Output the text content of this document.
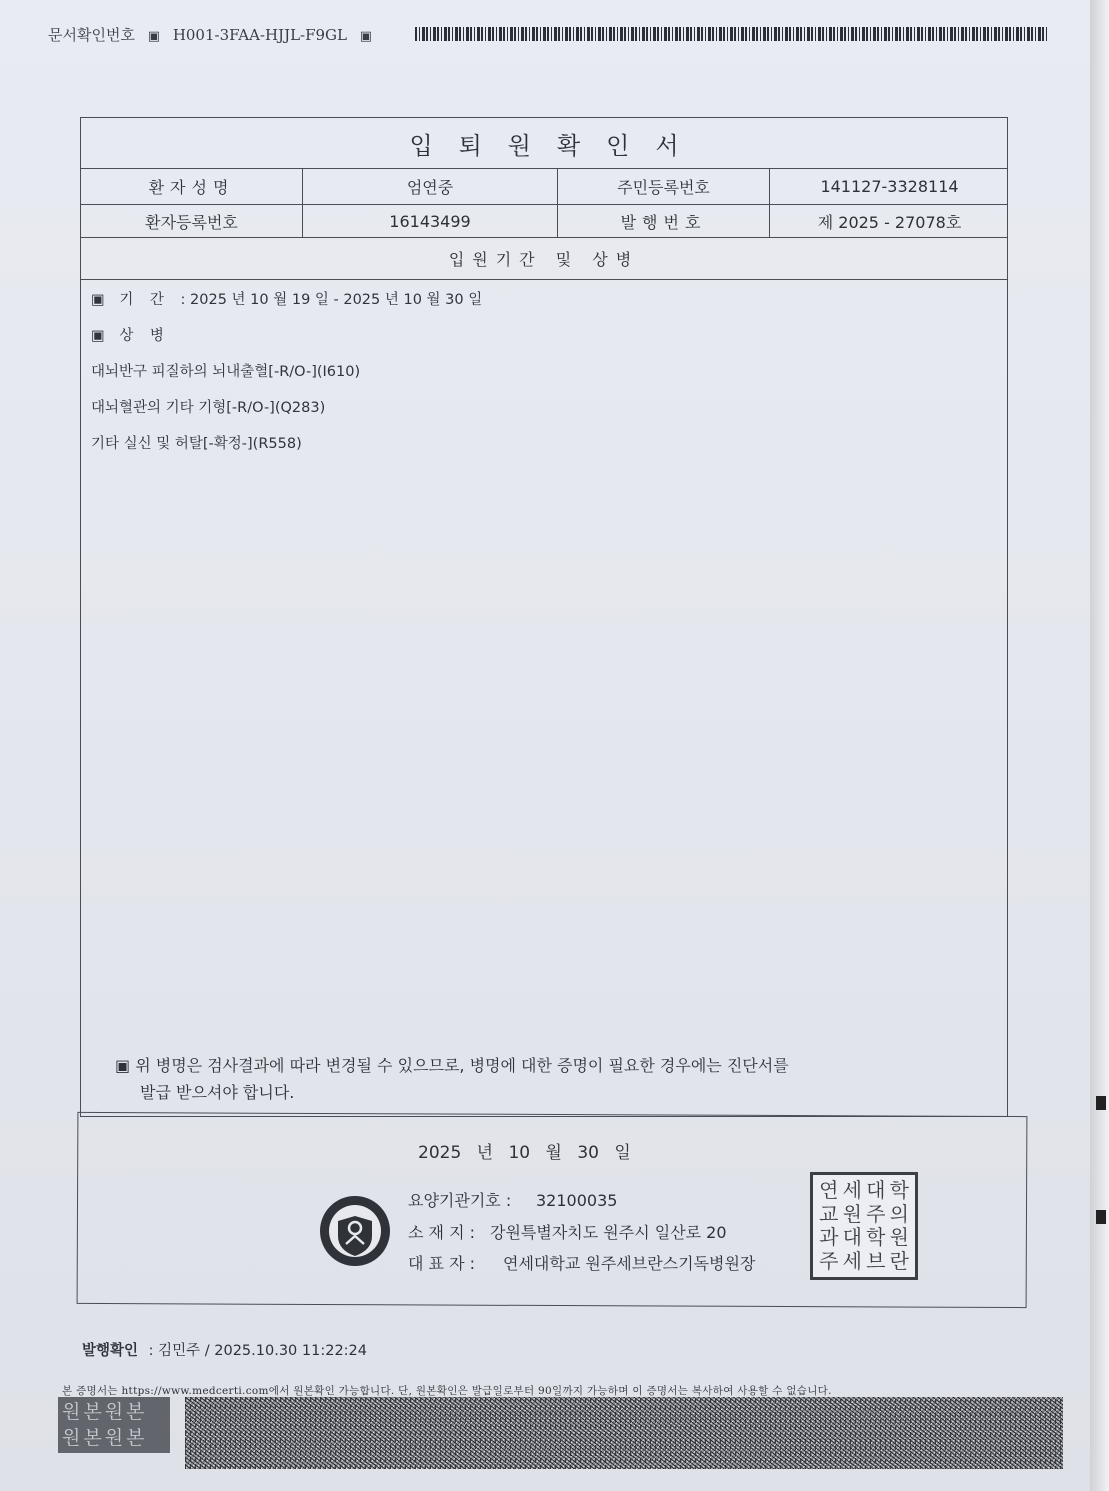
문서확인번호 ▣ H001-3FAA-HJJL-F9GL ▣
입퇴원확인서
환자성명	엄연중	주민등록번호	141127-3328114
환자등록번호	16143499	발행번호	제 2025 - 27078호
입원기간 및 상병
▣ 기 간 : 2025 년 10 월 19 일 - 2025 년 10 월 30 일
▣ 상 병
대뇌반구 피질하의 뇌내출혈[-R/O-](I610)
대뇌혈관의 기타 기형[-R/O-](Q283)
기타 실신 및 허탈[-확정-](R558)
▣ 위 병명은 검사결과에 따라 변경될 수 있으므로, 병명에 대한 증명이 필요한 경우에는 진단서를
발급 받으셔야 합니다.
2025 년 10 월 30 일
요양기관기호 : 32100035
소 재 지 : 강원특별자치도 원주시 일산로 20
대 표 자 : 연세대학교 원주세브란스기독병원장
연 세 대 학
교 원 주 의
과 대 학 원
주 세 브 란
발행확인 : 김민주 / 2025.10.30 11:22:24
본 증명서는 https://www.medcerti.com에서 원본확인 가능합니다. 단, 원본확인은 발급일로부터 90일까지 가능하며 이 증명서는 복사하여 사용할 수 없습니다.
원본원본
원본원본
